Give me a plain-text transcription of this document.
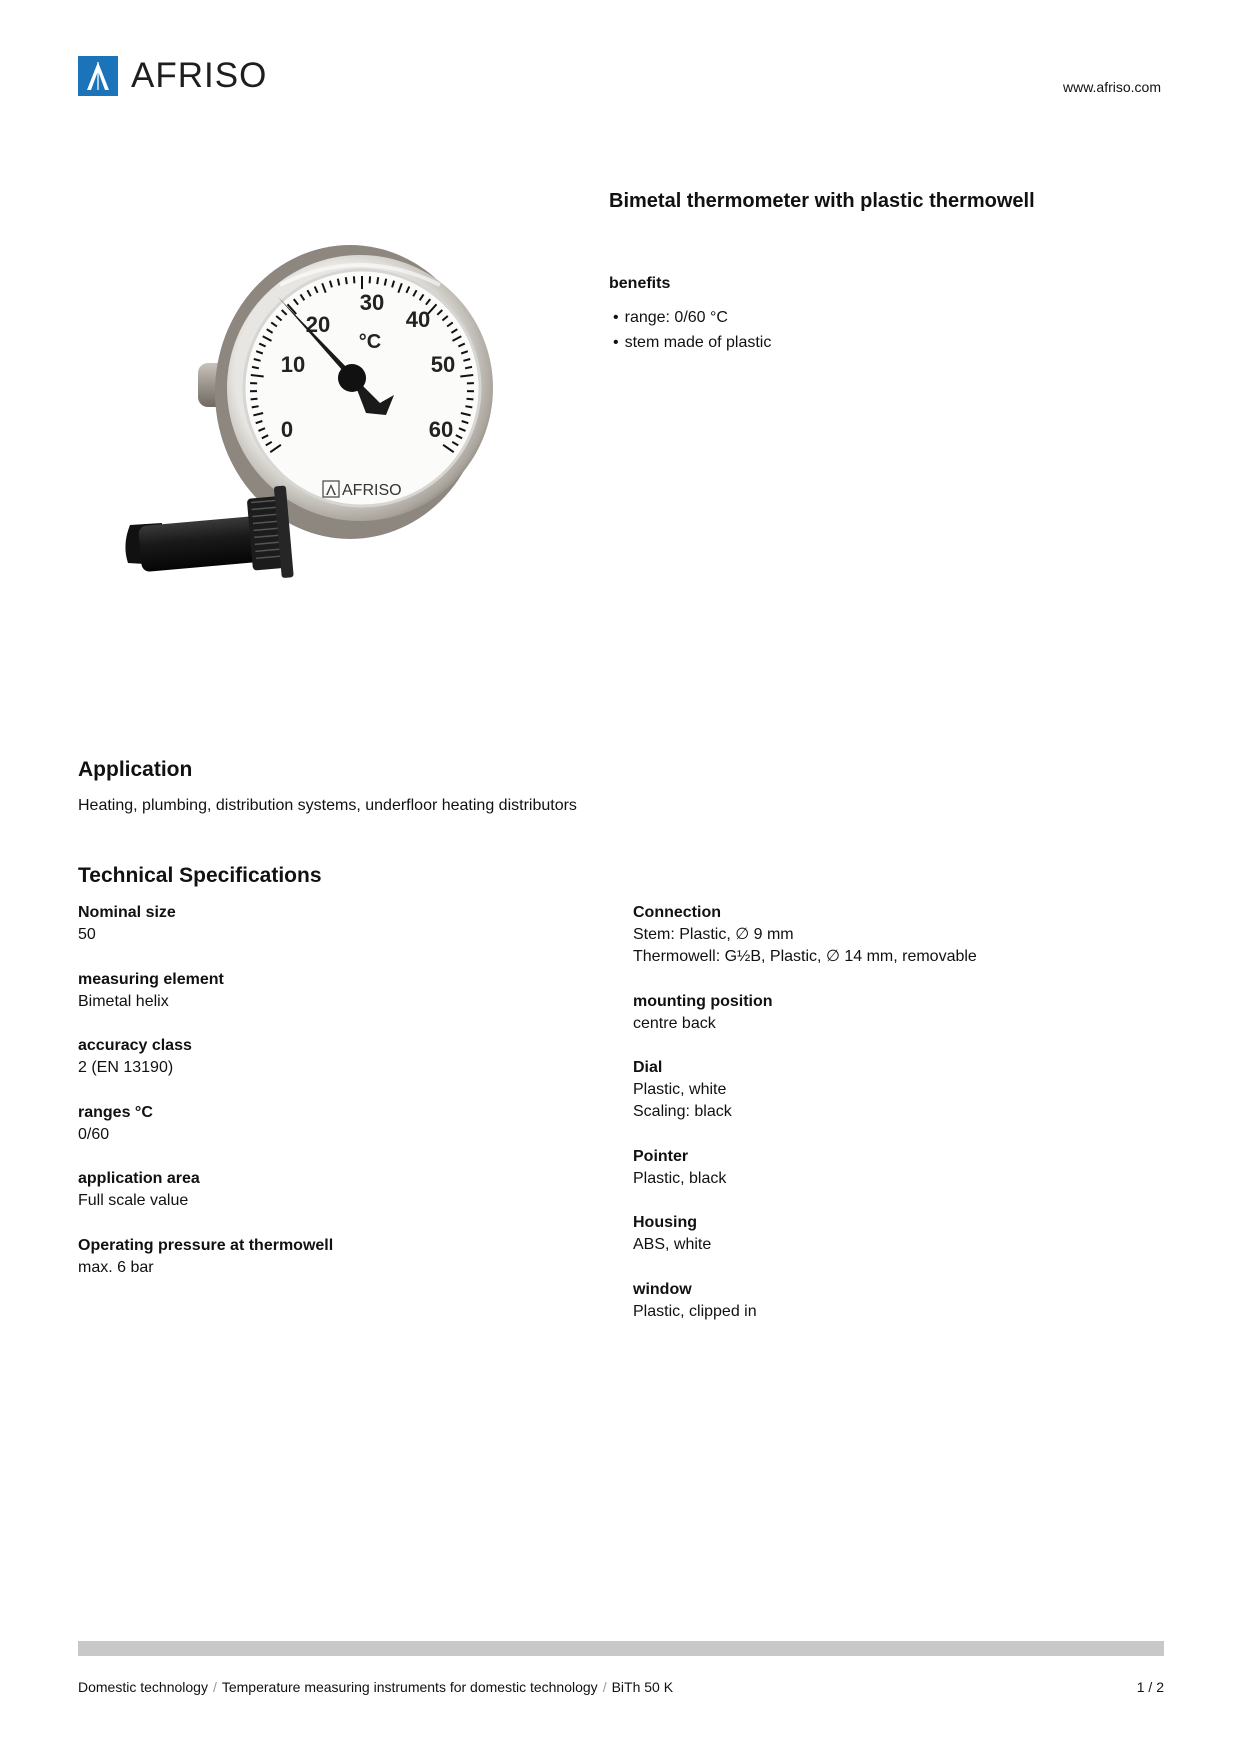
AFRISO	www.afriso.com
0
10
20
30
40
50
60
°C
AFRISO
Bimetal thermometer with plastic thermowell
benefits
• range: 0/60 °C
• stem made of plastic
Application
Heating, plumbing, distribution systems, underfloor heating distributors
Technical Specifications
Nominal size
50
measuring element
Bimetal helix
accuracy class
2 (EN 13190)
ranges °C
0/60
application area
Full scale value
Operating pressure at thermowell
max. 6 bar
Connection
Stem: Plastic, ∅ 9 mm
Thermowell: G½B, Plastic, ∅ 14 mm, removable
mounting position
centre back
Dial
Plastic, white
Scaling: black
Pointer
Plastic, black
Housing
ABS, white
window
Plastic, clipped in
Domestic technology / Temperature measuring instruments for domestic technology / BiTh 50 K	1 / 2
